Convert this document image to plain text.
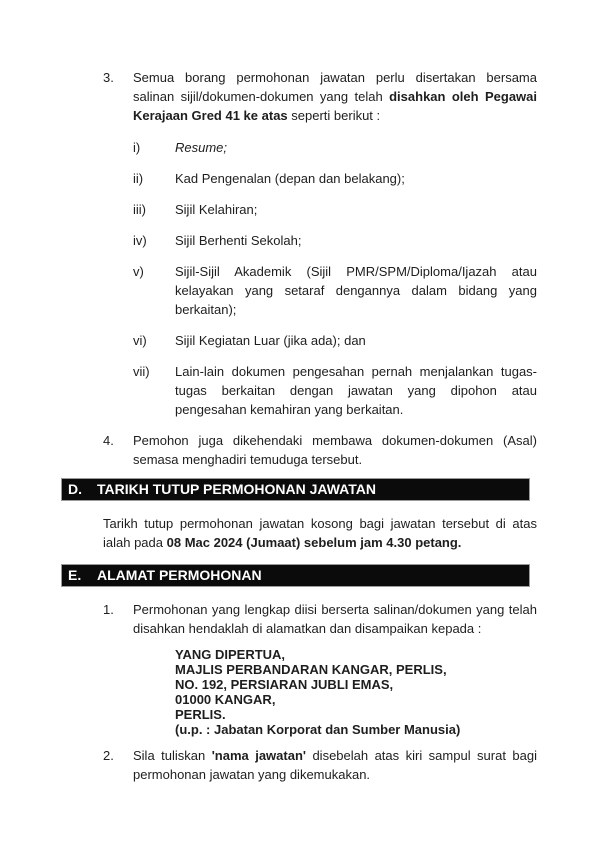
3.	Semua borang permohonan jawatan perlu disertakan bersama salinan sijil/dokumen-dokumen yang telah disahkan oleh Pegawai Kerajaan Gred 41 ke atas seperti berikut :
i)	Resume;
ii)	Kad Pengenalan (depan dan belakang);
iii)	Sijil Kelahiran;
iv)	Sijil Berhenti Sekolah;
v)	Sijil-Sijil Akademik (Sijil PMR/SPM/Diploma/Ijazah atau kelayakan yang setaraf dengannya dalam bidang yang berkaitan);
vi)	Sijil Kegiatan Luar (jika ada); dan
vii)	Lain-lain dokumen pengesahan pernah menjalankan tugas-tugas berkaitan dengan jawatan yang dipohon atau pengesahan kemahiran yang berkaitan.
4.	Pemohon juga dikehendaki membawa dokumen-dokumen (Asal) semasa menghadiri temuduga tersebut.
D.	TARIKH TUTUP PERMOHONAN JAWATAN
Tarikh tutup permohonan jawatan kosong bagi jawatan tersebut di atas ialah pada 08 Mac 2024 (Jumaat) sebelum jam 4.30 petang.
E.	ALAMAT PERMOHONAN
1.	Permohonan yang lengkap diisi berserta salinan/dokumen yang telah disahkan hendaklah di alamatkan dan disampaikan kepada :
YANG DIPERTUA,
MAJLIS PERBANDARAN KANGAR, PERLIS,
NO. 192, PERSIARAN JUBLI EMAS,
01000 KANGAR,
PERLIS.
(u.p. : Jabatan Korporat dan Sumber Manusia)
2.	Sila tuliskan 'nama jawatan' disebelah atas kiri sampul surat bagi permohonan jawatan yang dikemukakan.
